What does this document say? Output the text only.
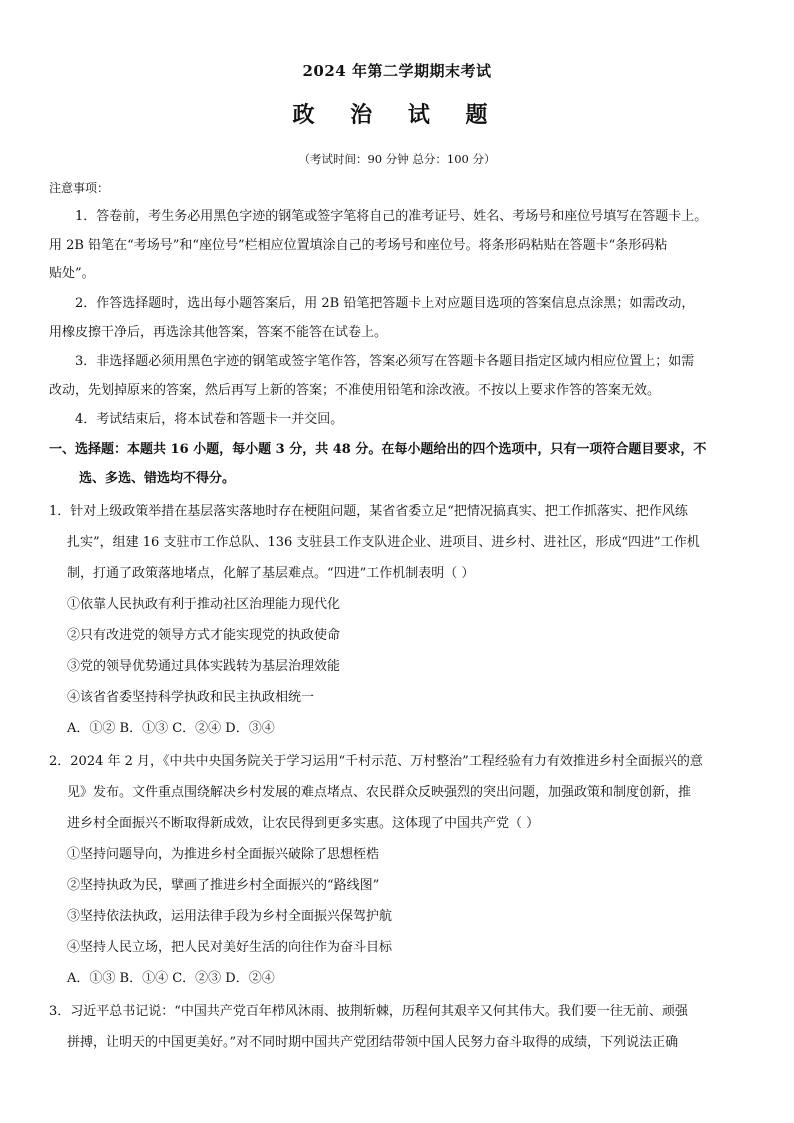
2024 年第二学期期末考试
政 治 试 题
（考试时间：90 分钟 总分：100 分）
注意事项：
1．答卷前，考生务必用黑色字迹的钢笔或签字笔将自己的准考证号、姓名、考场号和座位号填写在答题卡上。
用 2B 铅笔在“考场号”和“座位号”栏相应位置填涂自己的考场号和座位号。将条形码粘贴在答题卡“条形码粘
贴处”。
2．作答选择题时，选出每小题答案后，用 2B 铅笔把答题卡上对应题目选项的答案信息点涂黑；如需改动，
用橡皮擦干净后，再选涂其他答案，答案不能答在试卷上。
3．非选择题必须用黑色字迹的钢笔或签字笔作答，答案必须写在答题卡各题目指定区域内相应位置上；如需
改动，先划掉原来的答案，然后再写上新的答案；不准使用铅笔和涂改液。不按以上要求作答的答案无效。
4．考试结束后，将本试卷和答题卡一并交回。
一、选择题：本题共 16 小题，每小题 3 分，共 48 分。在每小题给出的四个选项中，只有一项符合题目要求，不
选、多选、错选均不得分。
1．针对上级政策举措在基层落实落地时存在梗阻问题，某省省委立足“把情况搞真实、把工作抓落实、把作风练
扎实”，组建 16 支驻市工作总队、136 支驻县工作支队进企业、进项目、进乡村、进社区，形成“四进”工作机
制，打通了政策落地堵点，化解了基层难点。“四进”工作机制表明（ ）
①依靠人民执政有利于推动社区治理能力现代化
②只有改进党的领导方式才能实现党的执政使命
③党的领导优势通过具体实践转为基层治理效能
④该省省委坚持科学执政和民主执政相统一
A．①② B．①③ C．②④ D．③④
2．2024 年 2 月，《中共中央国务院关于学习运用“千村示范、万村整治”工程经验有力有效推进乡村全面振兴的意
见》发布。文件重点围绕解决乡村发展的难点堵点、农民群众反映强烈的突出问题，加强政策和制度创新，推
进乡村全面振兴不断取得新成效，让农民得到更多实惠。这体现了中国共产党（ ）
①坚持问题导向，为推进乡村全面振兴破除了思想桎梏
②坚持执政为民，擘画了推进乡村全面振兴的“路线图”
③坚持依法执政，运用法律手段为乡村全面振兴保驾护航
④坚持人民立场，把人民对美好生活的向往作为奋斗目标
A．①③ B．①④ C．②③ D．②④
3．习近平总书记说：“中国共产党百年栉风沐雨、披荆斩棘，历程何其艰辛又何其伟大。我们要一往无前、顽强
拼搏，让明天的中国更美好。”对不同时期中国共产党团结带领中国人民努力奋斗取得的成绩，下列说法正确
